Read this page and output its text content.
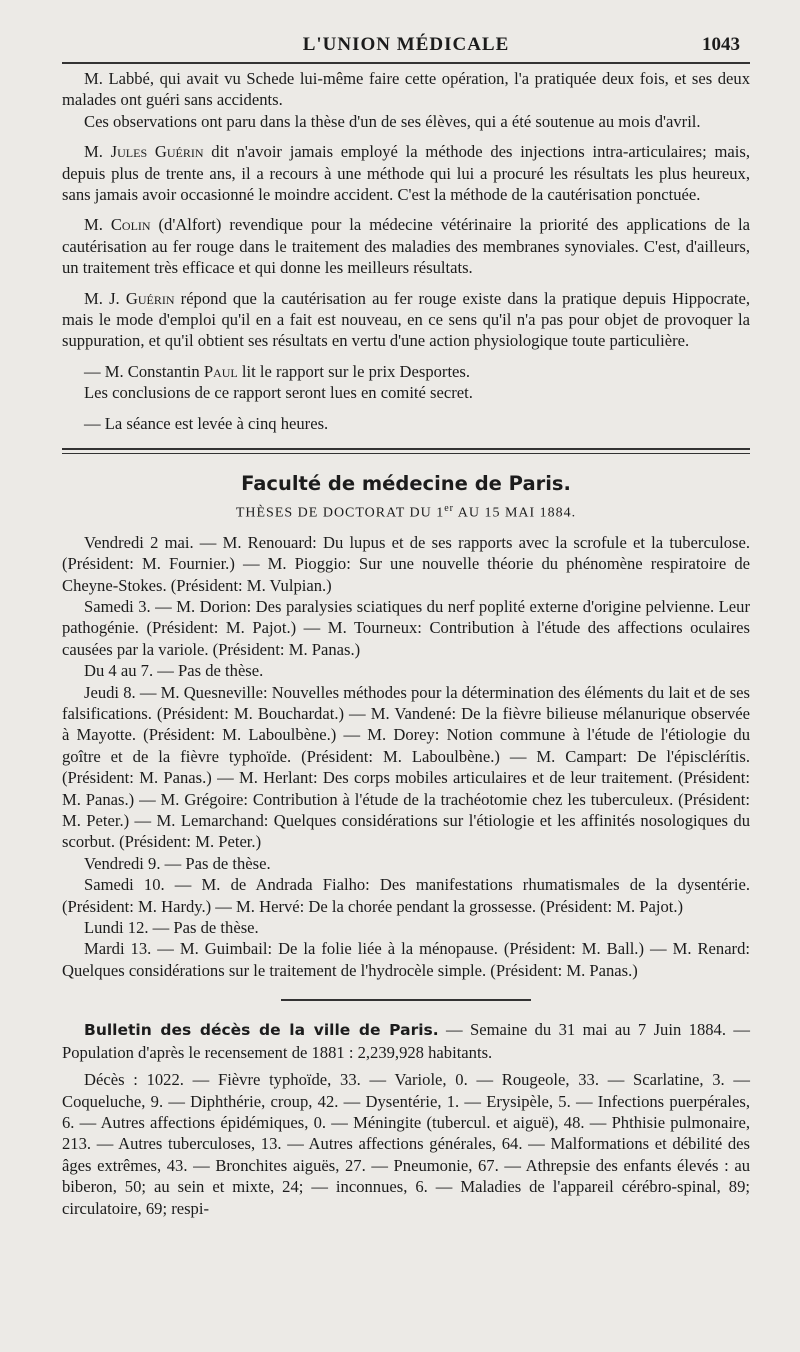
L'UNION MÉDICALE	1043

M. Labbé, qui avait vu Schede lui-même faire cette opération, l'a pratiquée deux fois, et ses deux malades ont guéri sans accidents.

Ces observations ont paru dans la thèse d'un de ses élèves, qui a été soutenue au mois d'avril.

M. Jules Guérin dit n'avoir jamais employé la méthode des injections intra-articulaires; mais, depuis plus de trente ans, il a recours à une méthode qui lui a procuré les résultats les plus heureux, sans jamais avoir occasionné le moindre accident. C'est la méthode de la cautérisation ponctuée.

M. Colin (d'Alfort) revendique pour la médecine vétérinaire la priorité des applications de la cautérisation au fer rouge dans le traitement des maladies des membranes synoviales. C'est, d'ailleurs, un traitement très efficace et qui donne les meilleurs résultats.

M. J. Guérin répond que la cautérisation au fer rouge existe dans la pratique depuis Hippocrate, mais le mode d'emploi qu'il en a fait est nouveau, en ce sens qu'il n'a pas pour objet de provoquer la suppuration, et qu'il obtient ses résultats en vertu d'une action physiologique toute particulière.

— M. Constantin Paul lit le rapport sur le prix Desportes.

Les conclusions de ce rapport seront lues en comité secret.

— La séance est levée à cinq heures.

Faculté de médecine de Paris.
THÈSES DE DOCTORAT DU 1er AU 15 MAI 1884.

Vendredi 2 mai. — M. Renouard: Du lupus et de ses rapports avec la scrofule et la tuberculose. (Président: M. Fournier.) — M. Pioggio: Sur une nouvelle théorie du phénomène respiratoire de Cheyne-Stokes. (Président: M. Vulpian.)

Samedi 3. — M. Dorion: Des paralysies sciatiques du nerf poplité externe d'origine pelvienne. Leur pathogénie. (Président: M. Pajot.) — M. Tourneux: Contribution à l'étude des affections oculaires causées par la variole. (Président: M. Panas.)

Du 4 au 7. — Pas de thèse.

Jeudi 8. — M. Quesneville: Nouvelles méthodes pour la détermination des éléments du lait et de ses falsifications. (Président: M. Bouchardat.) — M. Vandené: De la fièvre bilieuse mélanurique observée à Mayotte. (Président: M. Laboulbène.) — M. Dorey: Notion commune à l'étude de l'étiologie du goître et de la fièvre typhoïde. (Président: M. Laboulbène.) — M. Campart: De l'épisclérítis. (Président: M. Panas.) — M. Herlant: Des corps mobiles articulaires et de leur traitement. (Président: M. Panas.) — M. Grégoire: Contribution à l'étude de la trachéotomie chez les tuberculeux. (Président: M. Peter.) — M. Lemarchand: Quelques considérations sur l'étiologie et les affinités nosologiques du scorbut. (Président: M. Peter.)

Vendredi 9. — Pas de thèse.

Samedi 10. — M. de Andrada Fialho: Des manifestations rhumatismales de la dysentérie. (Président: M. Hardy.) — M. Hervé: De la chorée pendant la grossesse. (Président: M. Pajot.)

Lundi 12. — Pas de thèse.

Mardi 13. — M. Guimbail: De la folie liée à la ménopause. (Président: M. Ball.) — M. Renard: Quelques considérations sur le traitement de l'hydrocèle simple. (Président: M. Panas.)

Bulletin des décès de la ville de Paris. — Semaine du 31 mai au 7 Juin 1884. — Population d'après le recensement de 1881 : 2,239,928 habitants.

Décès : 1022. — Fièvre typhoïde, 33. — Variole, 0. — Rougeole, 33. — Scarlatine, 3. — Coqueluche, 9. — Diphthérie, croup, 42. — Dysentérie, 1. — Erysipèle, 5. — Infections puerpérales, 6. — Autres affections épidémiques, 0. — Méningite (tubercul. et aiguë), 48. — Phthisie pulmonaire, 213. — Autres tuberculoses, 13. — Autres affections générales, 64. — Malformations et débilité des âges extrêmes, 43. — Bronchites aiguës, 27. — Pneumonie, 67. — Athrepsie des enfants élevés : au biberon, 50; au sein et mixte, 24; — inconnues, 6. — Maladies de l'appareil cérébro-spinal, 89; circulatoire, 69; respi-
